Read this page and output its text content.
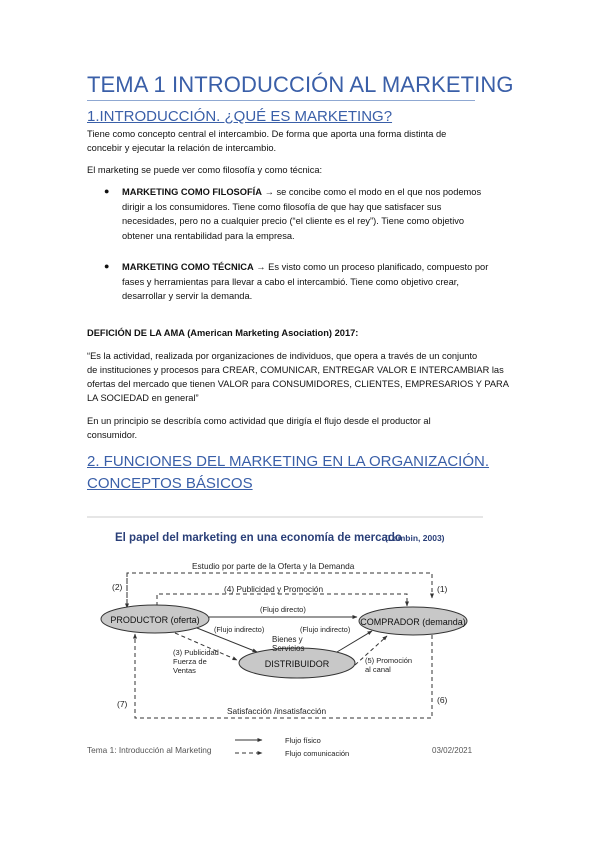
TEMA 1 INTRODUCCIÓN AL MARKETING
1.INTRODUCCIÓN. ¿QUÉ ES MARKETING?
Tiene como concepto central el intercambio. De forma que aporta una forma distinta de
concebir y ejecutar la relación de intercambio.
El marketing se puede ver como filosofía y como técnica:
● MARKETING COMO FILOSOFÍA → se concibe como el modo en el que nos podemos
dirigir a los consumidores. Tiene como filosofía de que hay que satisfacer sus
necesidades, pero no a cualquier precio (“el cliente es el rey”). Tiene como objetivo
obtener una rentabilidad para la empresa.
● MARKETING COMO TÉCNICA → Es visto como un proceso planificado, compuesto por
fases y herramientas para llevar a cabo el intercambió. Tiene como objetivo crear,
desarrollar y servir la demanda.
DEFICIÓN DE LA AMA (American Marketing Asociation) 2017:
“Es la actividad, realizada por organizaciones de individuos, que opera a través de un conjunto
de instituciones y procesos para CREAR, COMUNICAR, ENTREGAR VALOR E INTERCAMBIAR las
ofertas del mercado que tienen VALOR para CONSUMIDORES, CLIENTES, EMPRESARIOS Y PARA
LA SOCIEDAD en general”
En un principio se describía como actividad que dirigía el flujo desde el productor al
consumidor.
2. FUNCIONES DEL MARKETING EN LA ORGANIZACIÓN.
CONCEPTOS BÁSICOS
El papel del marketing en una economía de mercado
(Lambin, 2003)
Estudio por parte de la Oferta y la Demanda
(2)	(1)
(4) Publicidad y Promoción
PRODUCTOR (oferta)	COMPRADOR (demanda)
DISTRIBUIDOR
(Flujo directo)
(Flujo indirecto)	(Flujo indirecto)
Bienes y
Servicios
(3) Publicidad
Fuerza de
Ventas
(5) Promoción
al canal
Satisfacción /insatisfacción
(6)
(7)
Tema 1: Introducción al Marketing
Flujo físico
Flujo comunicación	03/02/2021
